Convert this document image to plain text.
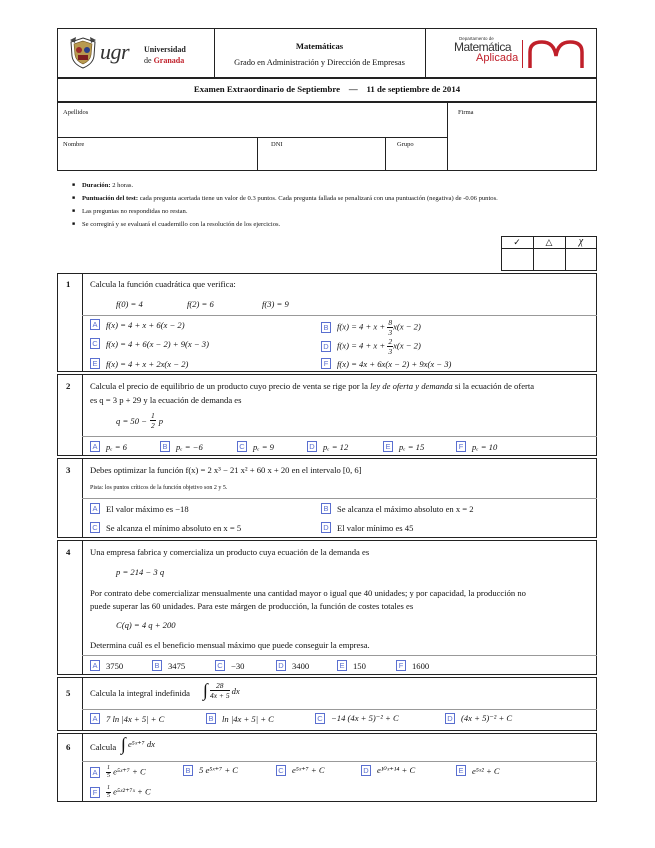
ugr Universidad
de Granada
Matemáticas
Grado en Administración y Dirección de Empresas
Departamento de
Matemática
Aplicada
Examen Extraordinario de Septiembre — 11 de septiembre de 2014
Apellidos	Firma
Nombre	DNI	Grupo
■ Duración: 2 horas.
■ Puntuación del test: cada pregunta acertada tiene un valor de 0.3 puntos. Cada pregunta fallada se penalizará con una puntuación (negativa) de -0.06 puntos.
■ Las preguntas no respondidas no restan.
■ Se corregirá y se evaluará el cuadernillo con la resolución de los ejercicios.
✓	△	χ
1 Calcula la función cuadrática que verifica:
f(0) = 4	f(2) = 6	f(3) = 9
A f(x) = 4 + x + 6(x − 2)	B $f(x) = 4 + x + \frac{8}{3} x(x - 2)$
C f(x) = 4 + 6(x − 2) + 9(x − 3)	D $f(x) = 4 + x + \frac{2}{3} x(x - 2)$
E f(x) = 4 + x + 2x(x − 2)	F	f(x) = 4x + 6x(x − 2) + 9x(x − 3)
2 Calcula el precio de equilibrio de un producto cuyo precio de venta se rige por la ley de oferta y demanda si la ecuación de oferta
es q = 3 p + 29 y la ecuación de demanda es
$q = 50 - \frac{1}{2}$ p
A pₑ = 6	B pₑ = −6	C pₑ = 9	D pₑ = 12	E pₑ = 15	F	pₑ = 10
3 Debes optimizar la función f(x) = 2 x³ − 21 x² + 60 x + 20 en el intervalo [0, 6]
Pista: los puntos críticos de la función objetivo son 2 y 5.
A El valor máximo es −18	B Se alcanza el máximo absoluto en x = 2
C Se alcanza el mínimo absoluto en x = 5	D El valor mínimo es 45
4 Una empresa fabrica y comercializa un producto cuya ecuación de la demanda es
p = 214 − 3 q
Por contrato debe comercializar mensualmente una cantidad mayor o igual que 40 unidades; y por capacidad, la producción no
puede superar las 60 unidades. Para este márgen de producción, la función de costes totales es
C(q) = 4 q + 200
Determina cuál es el beneficio mensual máximo que puede conseguir la empresa.
A 3750	B 3475	C −30	D 3400	E 150	F	1600
5 Calcula la integral indefinida ∫ $\frac{28}{4x + 5}$ dx
A 7 ln |4x + 5| + C	B ln |4x + 5| + C	C −14 (4x + 5)⁻² + C	D (4x + 5)⁻² + C
6 Calcula ∫ e⁵ˣ⁺⁷ dx
A	$\frac{1}{5}$ e⁵ˣ⁺⁷ + C	B 5 e⁵ˣ⁺⁷ + C	C e⁵ˣ⁺⁷ + C	D e¹⁰ˣ⁺¹⁴ + C	E e⁵ˣ² + C
F	$\frac{1}{5}$ e⁵ˣ²⁺⁷ˣ + C
